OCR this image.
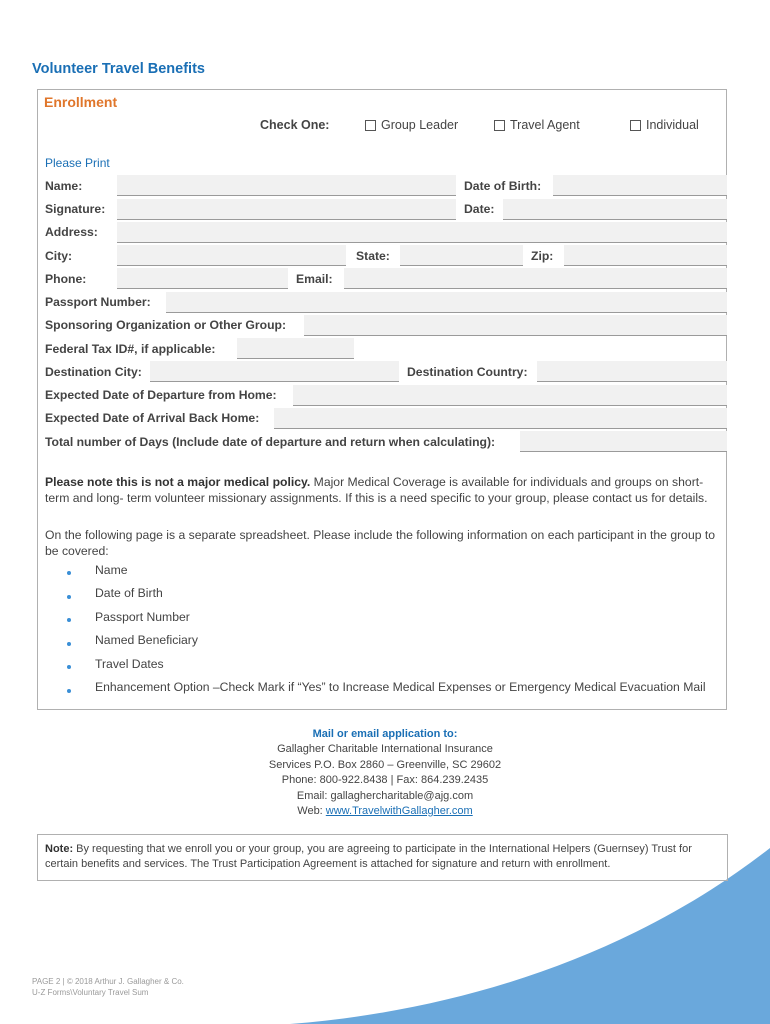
Volunteer Travel Benefits
Enrollment
Check One:	Group Leader	Travel Agent	Individual
Please Print
Name:	Date of Birth:
Signature:	Date:
Address:
City:	State:	Zip:
Phone:	Email:
Passport Number:
Sponsoring Organization or Other Group:
Federal Tax ID#, if applicable:
Destination City:	Destination Country:
Expected Date of Departure from Home:
Expected Date of Arrival Back Home:
Total number of Days (Include date of departure and return when calculating):
Please note this is not a major medical policy. Major Medical Coverage is available for individuals and groups on short-term and long- term volunteer missionary assignments. If this is a need specific to your group, please contact us for details.
On the following page is a separate spreadsheet. Please include the following information on each participant in the group to be covered:
Name
Date of Birth
Passport Number
Named Beneficiary
Travel Dates
Enhancement Option –Check Mark if “Yes” to Increase Medical Expenses or Emergency Medical Evacuation Mail
Mail or email application to:
Gallagher Charitable International Insurance
Services P.O. Box 2860 – Greenville, SC 29602
Phone: 800-922.8438 | Fax: 864.239.2435
Email: gallaghercharitable@ajg.com
Web: www.TravelwithGallagher.com
Note: By requesting that we enroll you or your group, you are agreeing to participate in the International Helpers (Guernsey) Trust for certain benefits and services. The Trust Participation Agreement is attached for signature and return with enrollment.
PAGE 2 | © 2018 Arthur J. Gallagher & Co.
U-Z Forms\Voluntary Travel Sum
